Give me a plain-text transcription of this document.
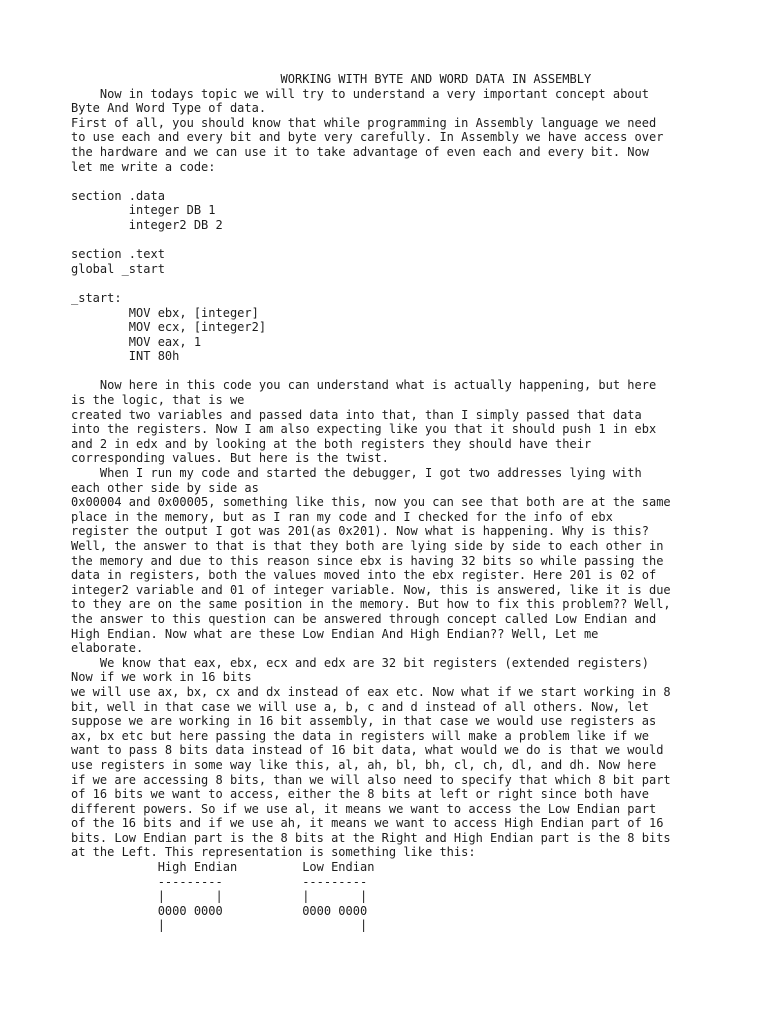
WORKING WITH BYTE AND WORD DATA IN ASSEMBLY
Now in todays topic we will try to understand a very important concept about
Byte And Word Type of data.
First of all, you should know that while programming in Assembly language we need
to use each and every bit and byte very carefully. In Assembly we have access over
the hardware and we can use it to take advantage of even each and every bit. Now
let me write a code:

section .data
integer DB 1
integer2 DB 2

section .text
global _start

_start:
MOV ebx, [integer]
MOV ecx, [integer2]
MOV eax, 1
INT 80h

Now here in this code you can understand what is actually happening, but here
is the logic, that is we
created two variables and passed data into that, than I simply passed that data
into the registers. Now I am also expecting like you that it should push 1 in ebx
and 2 in edx and by looking at the both registers they should have their
corresponding values. But here is the twist.
When I run my code and started the debugger, I got two addresses lying with
each other side by side as
0x00004 and 0x00005, something like this, now you can see that both are at the same
place in the memory, but as I ran my code and I checked for the info of ebx
register the output I got was 201(as 0x201). Now what is happening. Why is this?
Well, the answer to that is that they both are lying side by side to each other in
the memory and due to this reason since ebx is having 32 bits so while passing the
data in registers, both the values moved into the ebx register. Here 201 is 02 of
integer2 variable and 01 of integer variable. Now, this is answered, like it is due
to they are on the same position in the memory. But how to fix this problem?? Well,
the answer to this question can be answered through concept called Low Endian and
High Endian. Now what are these Low Endian And High Endian?? Well, Let me
elaborate.
We know that eax, ebx, ecx and edx are 32 bit registers (extended registers)
Now if we work in 16 bits
we will use ax, bx, cx and dx instead of eax etc. Now what if we start working in 8
bit, well in that case we will use a, b, c and d instead of all others. Now, let
suppose we are working in 16 bit assembly, in that case we would use registers as
ax, bx etc but here passing the data in registers will make a problem like if we
want to pass 8 bits data instead of 16 bit data, what would we do is that we would
use registers in some way like this, al, ah, bl, bh, cl, ch, dl, and dh. Now here
if we are accessing 8 bits, than we will also need to specify that which 8 bit part
of 16 bits we want to access, either the 8 bits at left or right since both have
different powers. So if we use al, it means we want to access the Low Endian part
of the 16 bits and if we use ah, it means we want to access High Endian part of 16
bits. Low Endian part is the 8 bits at the Right and High Endian part is the 8 bits
at the Left. This representation is something like this:
High Endian         Low Endian
---------           ---------
|       |           |       |
0000 0000           0000 0000
|                           |
